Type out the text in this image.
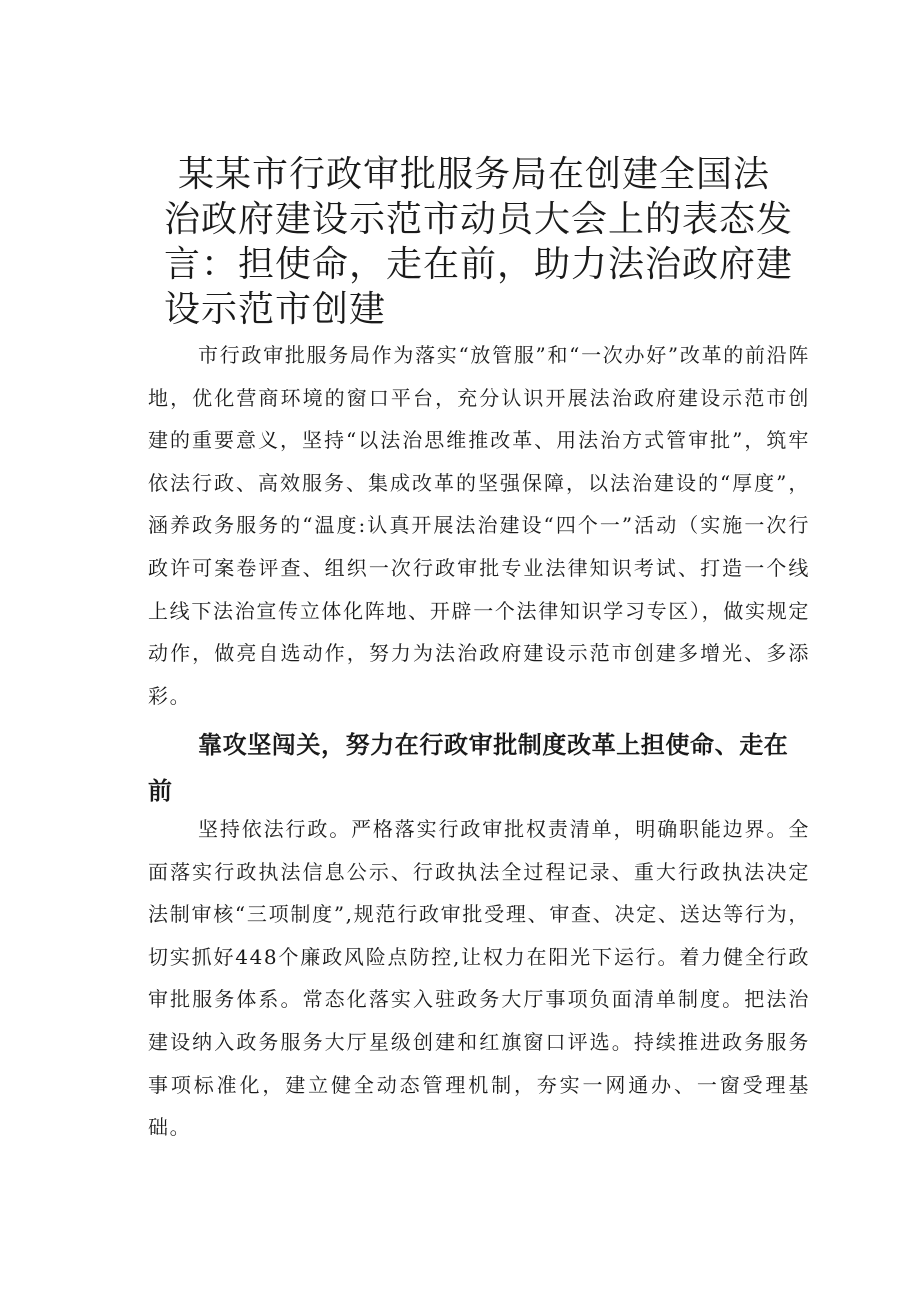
某某市行政审批服务局在创建全国法治政府建设示范市动员大会上的表态发言：担使命，走在前，助力法治政府建设示范市创建

市行政审批服务局作为落实“放管服”和“一次办好”改革的前沿阵地，优化营商环境的窗口平台，充分认识开展法治政府建设示范市创建的重要意义，坚持“以法治思维推改革、用法治方式管审批”，筑牢依法行政、高效服务、集成改革的坚强保障，以法治建设的“厚度”，涵养政务服务的“温度:认真开展法治建设“四个一”活动（实施一次行政许可案卷评查、组织一次行政审批专业法律知识考试、打造一个线上线下法治宣传立体化阵地、开辟一个法律知识学习专区），做实规定动作，做亮自选动作，努力为法治政府建设示范市创建多增光、多添彩。

靠攻坚闯关，努力在行政审批制度改革上担使命、走在前

坚持依法行政。严格落实行政审批权责清单，明确职能边界。全面落实行政执法信息公示、行政执法全过程记录、重大行政执法决定法制审核“三项制度”,规范行政审批受理、审查、决定、送达等行为，切实抓好448个廉政风险点防控,让权力在阳光下运行。着力健全行政审批服务体系。常态化落实入驻政务大厅事项负面清单制度。把法治建设纳入政务服务大厅星级创建和红旗窗口评选。持续推进政务服务事项标准化，建立健全动态管理机制，夯实一网通办、一窗受理基础。
